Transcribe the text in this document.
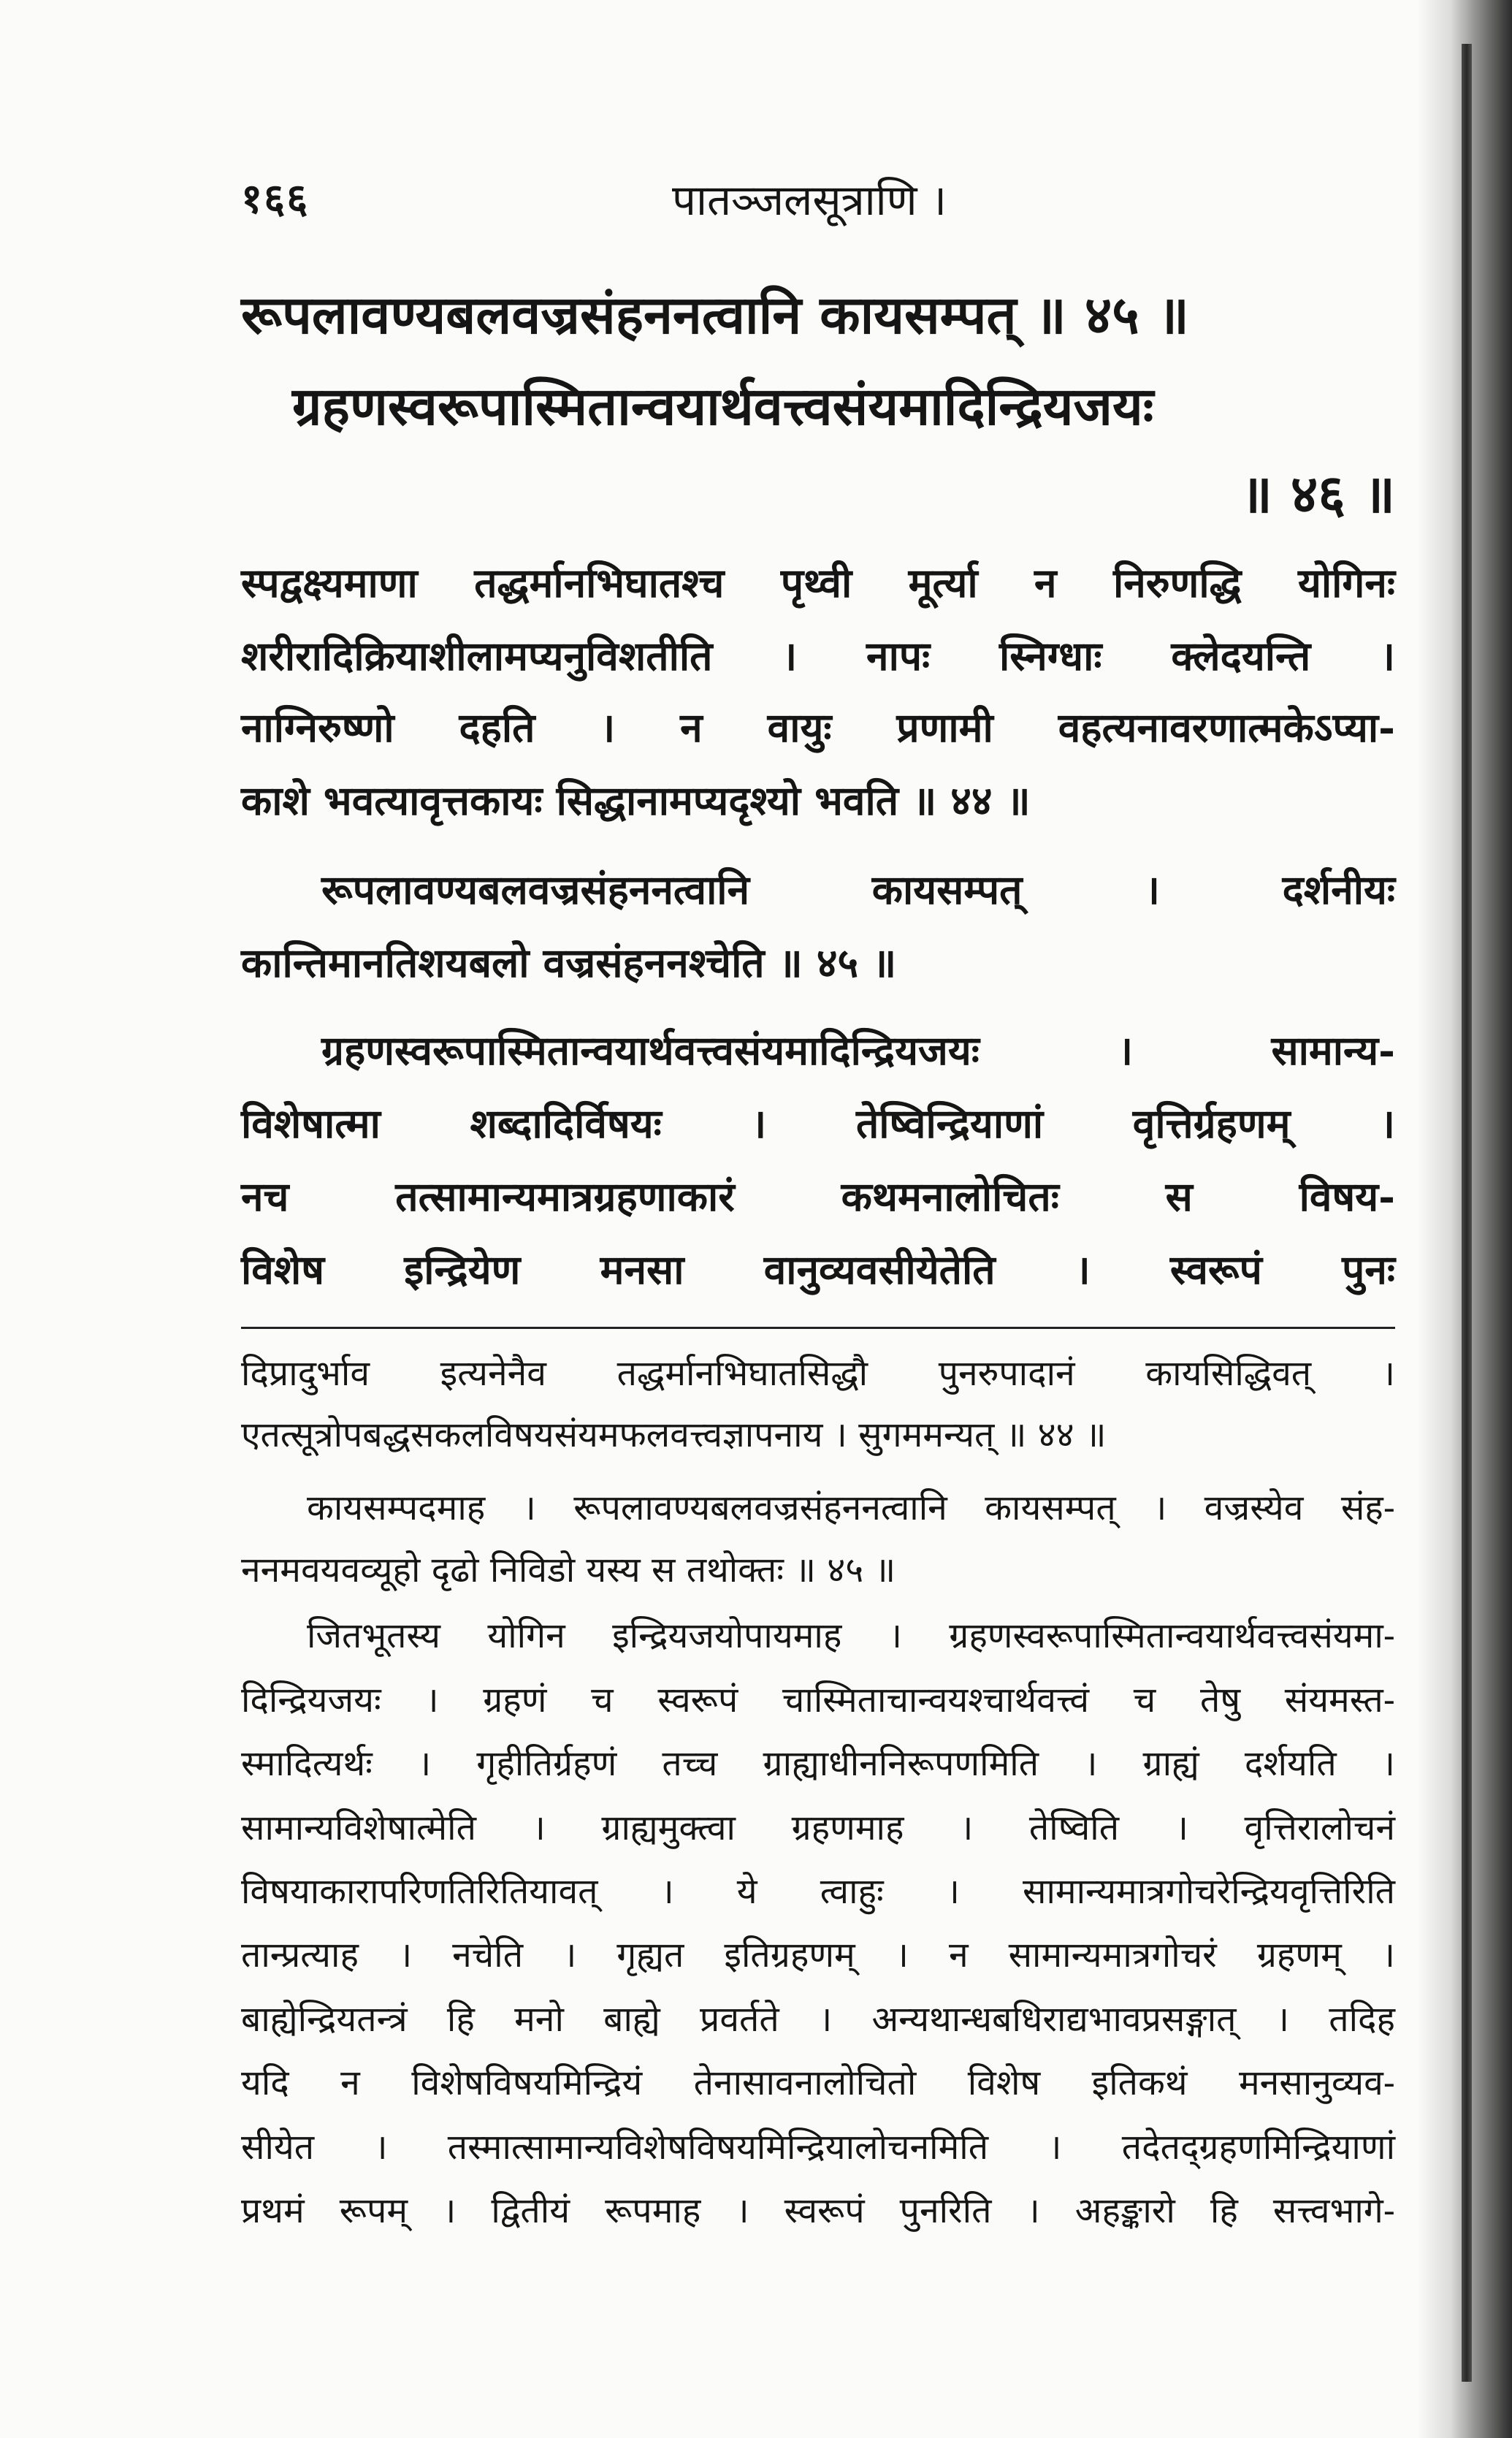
१६६	पातञ्जलसूत्राणि ।
रूपलावण्यबलवज्रसंहननत्वानि कायसम्पत् ॥ ४५ ॥
ग्रहणस्वरूपास्मितान्वयार्थवत्त्वसंयमादिन्द्रियजयः
॥ ४६ ॥
स्पद्वक्ष्यमाणा तद्धर्मानभिघातश्च पृथ्वी मूर्त्या न निरुणद्धि योगिनः
शरीरादिक्रियाशीलामप्यनुविशतीति । नापः स्निग्धाः क्लेदयन्ति ।
नाग्निरुष्णो दहति । न वायुः प्रणामी वहत्यनावरणात्मकेऽप्या-
काशे भवत्यावृत्तकायः सिद्धानामप्यदृश्यो भवति ॥ ४४ ॥
रूपलावण्यबलवज्रसंहननत्वानि कायसम्पत् । दर्शनीयः
कान्तिमानतिशयबलो वज्रसंहननश्चेति ॥ ४५ ॥
ग्रहणस्वरूपास्मितान्वयार्थवत्त्वसंयमादिन्द्रियजयः । सामान्य-
विशेषात्मा शब्दादिर्विषयः । तेष्विन्द्रियाणां वृत्तिर्ग्रहणम् ।
नच तत्सामान्यमात्रग्रहणाकारं कथमनालोचितः स विषय-
विशेष इन्द्रियेण मनसा वानुव्यवसीयेतेति । स्वरूपं पुनः
दिप्रादुर्भाव इत्यनेनैव तद्धर्मानभिघातसिद्धौ पुनरुपादानं कायसिद्धिवत् ।
एतत्सूत्रोपबद्धसकलविषयसंयमफलवत्त्वज्ञापनाय । सुगममन्यत् ॥ ४४ ॥
कायसम्पदमाह । रूपलावण्यबलवज्रसंहननत्वानि कायसम्पत् । वज्रस्येव संह-
ननमवयवव्यूहो दृढो निविडो यस्य स तथोक्तः ॥ ४५ ॥
जितभूतस्य योगिन इन्द्रियजयोपायमाह । ग्रहणस्वरूपास्मितान्वयार्थवत्त्वसंयमा-
दिन्द्रियजयः । ग्रहणं च स्वरूपं चास्मिताचान्वयश्चार्थवत्त्वं च तेषु संयमस्त-
स्मादित्यर्थः । गृहीतिर्ग्रहणं तच्च ग्राह्याधीननिरूपणमिति । ग्राह्यं दर्शयति ।
सामान्यविशेषात्मेति । ग्राह्यमुक्त्वा ग्रहणमाह । तेष्विति । वृत्तिरालोचनं
विषयाकारापरिणतिरितियावत् । ये त्वाहुः । सामान्यमात्रगोचरेन्द्रियवृत्तिरिति
तान्प्रत्याह । नचेति । गृह्यत इतिग्रहणम् । न सामान्यमात्रगोचरं ग्रहणम् ।
बाह्येन्द्रियतन्त्रं हि मनो बाह्ये प्रवर्तते । अन्यथान्धबधिराद्यभावप्रसङ्गात् । तदिह
यदि न विशेषविषयमिन्द्रियं तेनासावनालोचितो विशेष इतिकथं मनसानुव्यव-
सीयेत । तस्मात्सामान्यविशेषविषयमिन्द्रियालोचनमिति । तदेतद्ग्रहणमिन्द्रियाणां
प्रथमं रूपम् । द्वितीयं रूपमाह । स्वरूपं पुनरिति । अहङ्कारो हि सत्त्वभागे-
